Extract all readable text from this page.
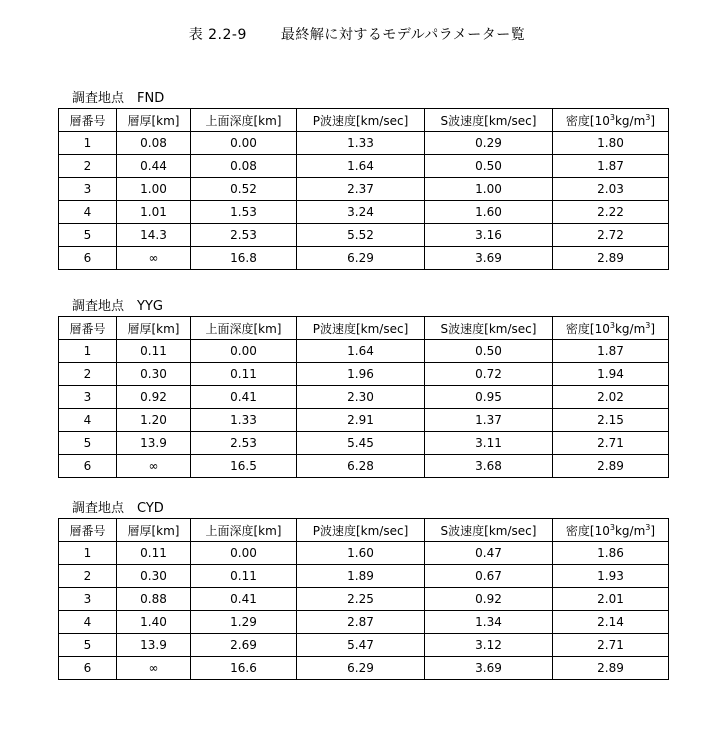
表 2.2-9 最終解に対するモデルパラメーター覧
調査地点　FND
層番号	層厚[km]	上面深度[km]	P波速度[km/sec]	S波速度[km/sec]	密度$[10^3kg/m^3]$
1	0.08	0.00	1.33	0.29	1.80
2	0.44	0.08	1.64	0.50	1.87
3	1.00	0.52	2.37	1.00	2.03
4	1.01	1.53	3.24	1.60	2.22
5	14.3	2.53	5.52	3.16	2.72
6	∞	16.8	6.29	3.69	2.89
調査地点　YYG
層番号	層厚[km]	上面深度[km]	P波速度[km/sec]	S波速度[km/sec]	密度$[10^3kg/m^3]$
1	0.11	0.00	1.64	0.50	1.87
2	0.30	0.11	1.96	0.72	1.94
3	0.92	0.41	2.30	0.95	2.02
4	1.20	1.33	2.91	1.37	2.15
5	13.9	2.53	5.45	3.11	2.71
6	∞	16.5	6.28	3.68	2.89
調査地点　CYD
層番号	層厚[km]	上面深度[km]	P波速度[km/sec]	S波速度[km/sec]	密度$[10^3kg/m^3]$
1	0.11	0.00	1.60	0.47	1.86
2	0.30	0.11	1.89	0.67	1.93
3	0.88	0.41	2.25	0.92	2.01
4	1.40	1.29	2.87	1.34	2.14
5	13.9	2.69	5.47	3.12	2.71
6	∞	16.6	6.29	3.69	2.89
